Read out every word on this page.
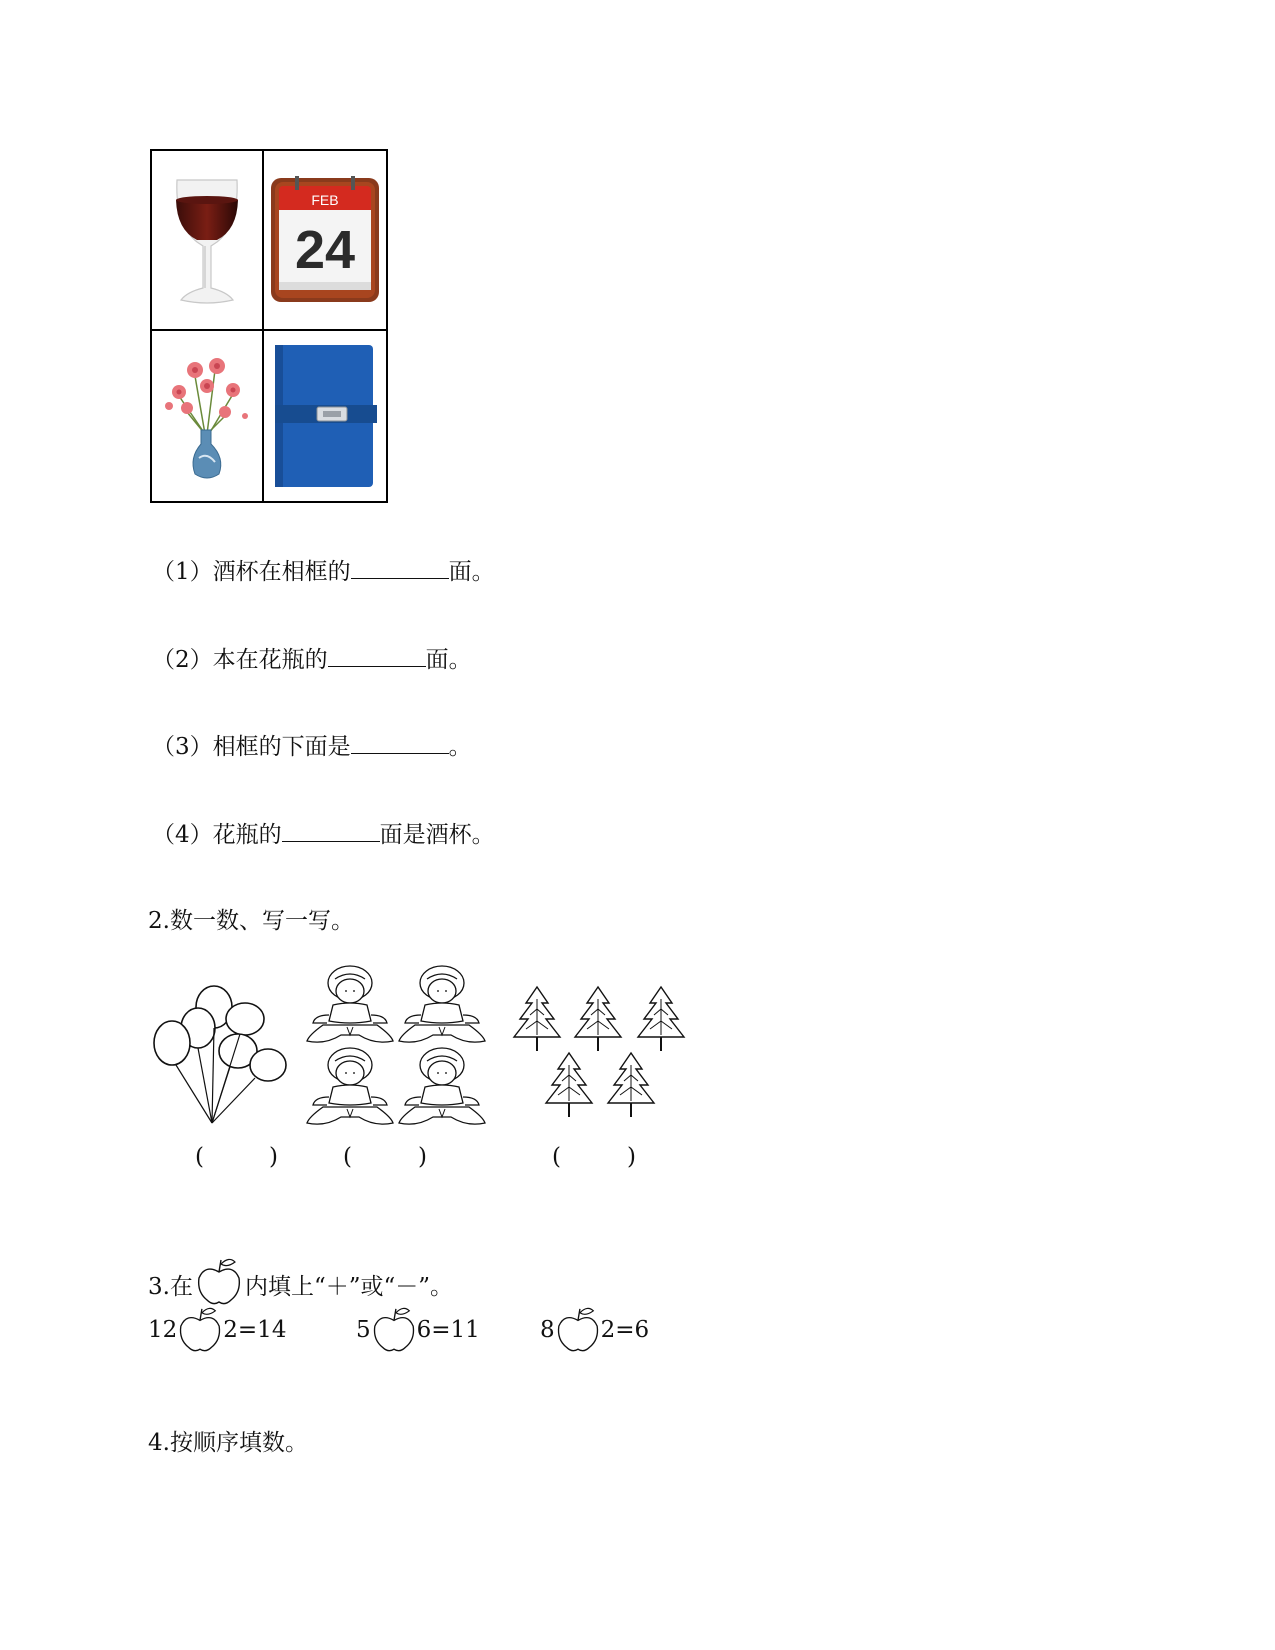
FEB
24
（1）酒杯在相框的	面。
（2）本在花瓶的	面。
（3）相框的下面是	。
（4）花瓶的	面是酒杯。
2.数一数、写一写。
(	)	(	)	(	)
3.在 内填上“＋”或“－”。
12 2=14	5 6=11	8 2=6
4.按顺序填数。
